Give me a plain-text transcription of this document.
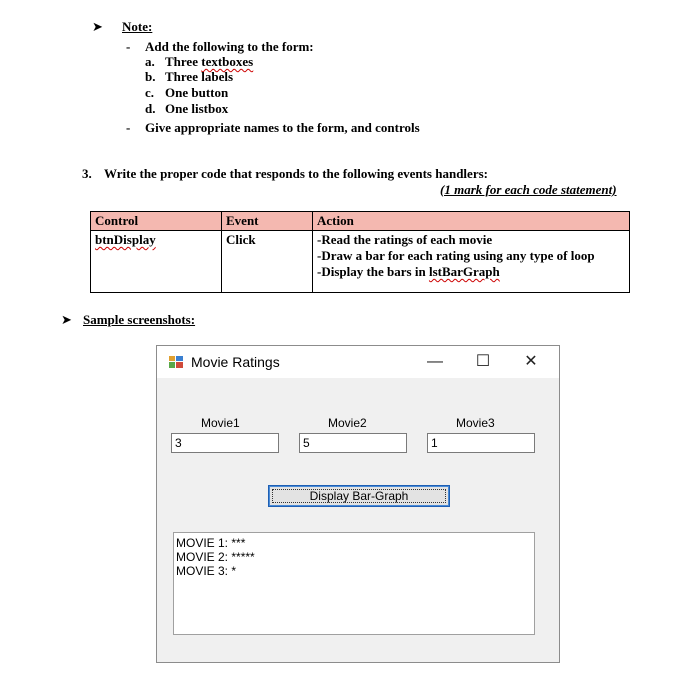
➤ Note:
- Add the following to the form:
a. Three textboxes
b. Three labels
c. One button
d. One listbox
- Give appropriate names to the form, and controls
3. Write the proper code that responds to the following events handlers:
(1 mark for each code statement)
Control	Event	Action
btnDisplay	Click	-Read the ratings of each movie
-Draw a bar for each rating using any type of loop
-Display the bars in lstBarGraph
➤ Sample screenshots:
Movie Ratings	—	☐	✕
Movie1	Movie2	Movie3
3	5	1
Display Bar-Graph
MOVIE 1: ***
MOVIE 2: *****
MOVIE 3: *
